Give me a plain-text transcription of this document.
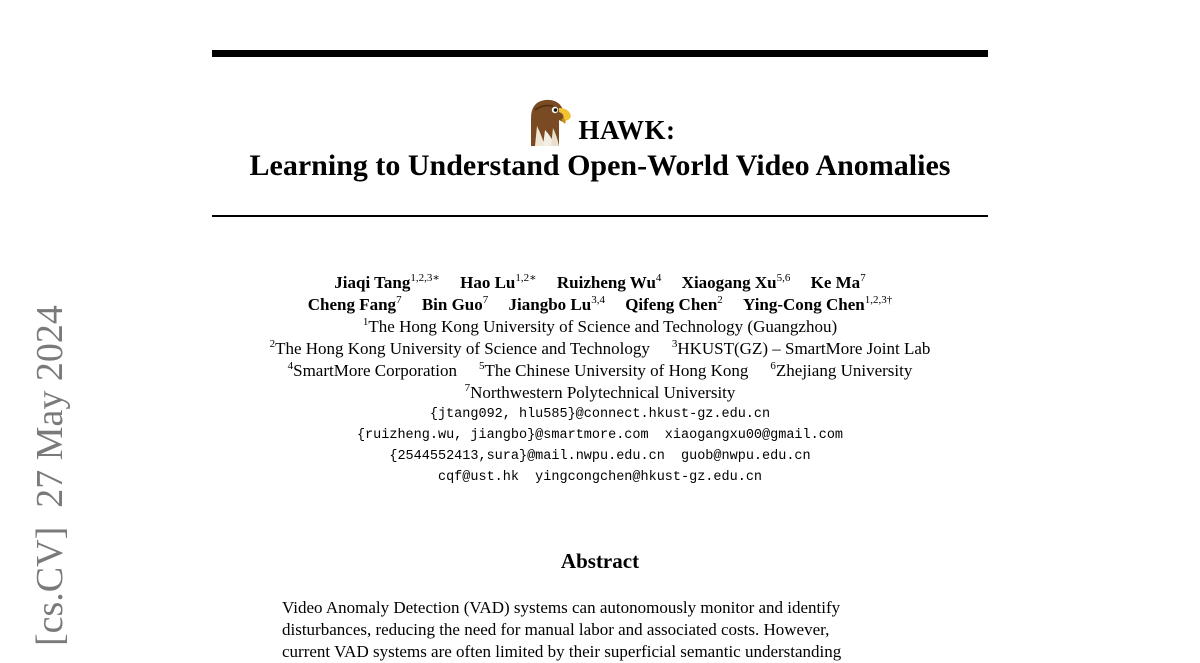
[cs.CV]  27 May 2024
HAWK:
Learning to Understand Open-World Video Anomalies
Jiaqi Tang$^{1,2,3∗}$ Hao $Lu^{1,2∗}$ Ruizheng Wu$^4$ Xiaogang Xu$^{5,6}$ Ke Ma$^7$
Cheng Fang$^7$ Bin Guo$^7$ Jiangbo Lu$^{3,4}$ Qifeng Chen$^2$ Ying-Cong Chen$^{1,2,3\dagger}$
$^1$The Hong Kong University of Science and Technology (Guangzhou)
$^2$The Hong Kong University of Science and Technology $^3$HKUST(GZ) – SmartMore Joint Lab
$^4$SmartMore Corporation $^5$The Chinese University of Hong Kong $^6$Zhejiang University
$^7$Northwestern Polytechnical University
{jtang092, hlu585}@connect.hkust-gz.edu.cn
{ruizheng.wu, jiangbo}@smartmore.com  xiaogangxu00@gmail.com
{2544552413,sura}@mail.nwpu.edu.cn  guob@nwpu.edu.cn
cqf@ust.hk  yingcongchen@hkust-gz.edu.cn
Abstract
Video Anomaly Detection (VAD) systems can autonomously monitor and identify
disturbances, reducing the need for manual labor and associated costs. However,
current VAD systems are often limited by their superficial semantic understanding
